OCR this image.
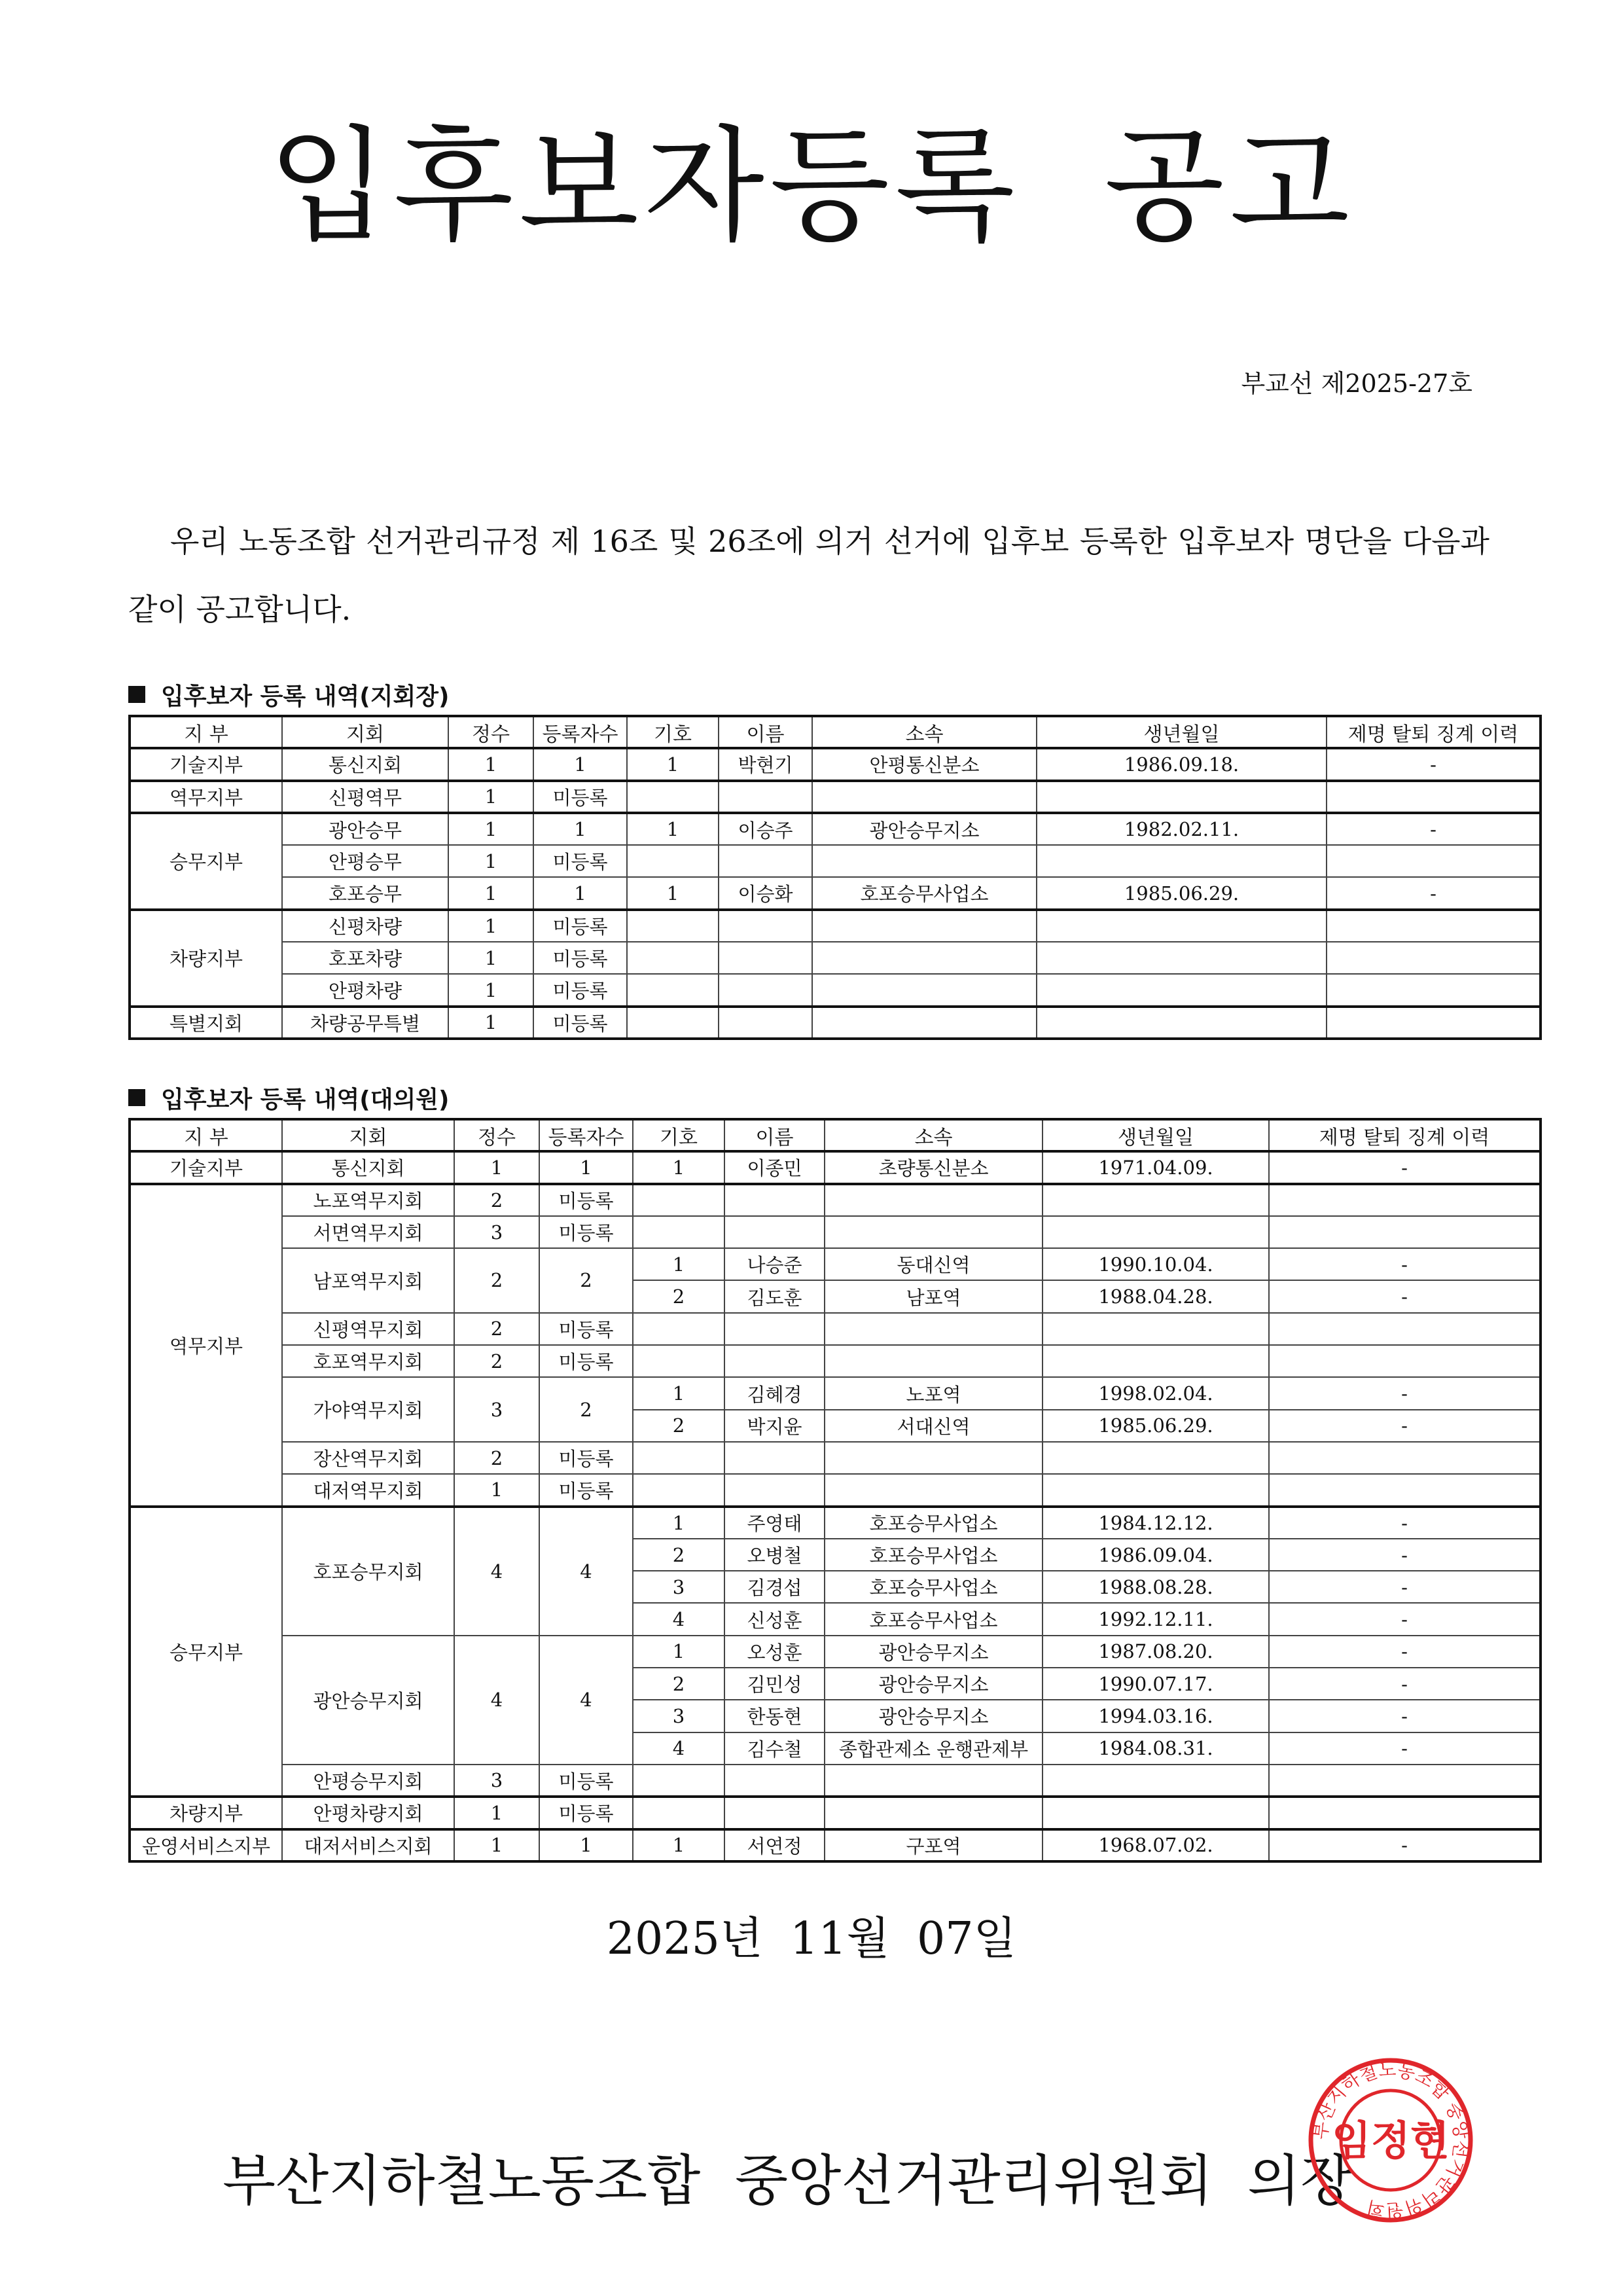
입후보자등록 공고
부교선 제2025-27호
우리 노동조합 선거관리규정 제 16조 및 26조에 의거 선거에 입후보 등록한 입후보자 명단을 다음과 같이 공고합니다.
입후보자 등록 내역(지회장)
지 부	지회	정수	등록자수	기호	이름	소속	생년월일	제명 탈퇴 징계 이력
기술지부	통신지회	1	1	1	박현기	안평통신분소	1986.09.18.	-
역무지부	신평역무	1	미등록					
승무지부	광안승무	1	1	1	이승주	광안승무지소	1982.02.11.	-
	안평승무	1	미등록					
	호포승무	1	1	1	이승화	호포승무사업소	1985.06.29.	-
차량지부	신평차량	1	미등록					
	호포차량	1	미등록					
	안평차량	1	미등록					
특별지회	차량공무특별	1	미등록					
입후보자 등록 내역(대의원)
지 부	지회	정수	등록자수	기호	이름	소속	생년월일	제명 탈퇴 징계 이력
기술지부	통신지회	1	1	1	이종민	초량통신분소	1971.04.09.	-
역무지부	노포역무지회	2	미등록					
	서면역무지회	3	미등록					
	남포역무지회	2	2	1	나승준	동대신역	1990.10.04.	-
				2	김도훈	남포역	1988.04.28.	-
	신평역무지회	2	미등록					
	호포역무지회	2	미등록					
	가야역무지회	3	2	1	김혜경	노포역	1998.02.04.	-
				2	박지윤	서대신역	1985.06.29.	-
	장산역무지회	2	미등록					
	대저역무지회	1	미등록					
승무지부	호포승무지회	4	4	1	주영태	호포승무사업소	1984.12.12.	-
				2	오병철	호포승무사업소	1986.09.04.	-
				3	김경섭	호포승무사업소	1988.08.28.	-
				4	신성훈	호포승무사업소	1992.12.11.	-
	광안승무지회	4	4	1	오성훈	광안승무지소	1987.08.20.	-
				2	김민성	광안승무지소	1990.07.17.	-
				3	한동현	광안승무지소	1994.03.16.	-
				4	김수철	종합관제소 운행관제부	1984.08.31.	-
	안평승무지회	3	미등록					
차량지부	안평차량지회	1	미등록					
운영서비스지부	대저서비스지회	1	1	1	서연정	구포역	1968.07.02.	-
2025년 11월 07일
부산지하철노동조합 중앙선거관리위원회 의장
부산지하철노동조합 중앙선거관리위원회
임정현
